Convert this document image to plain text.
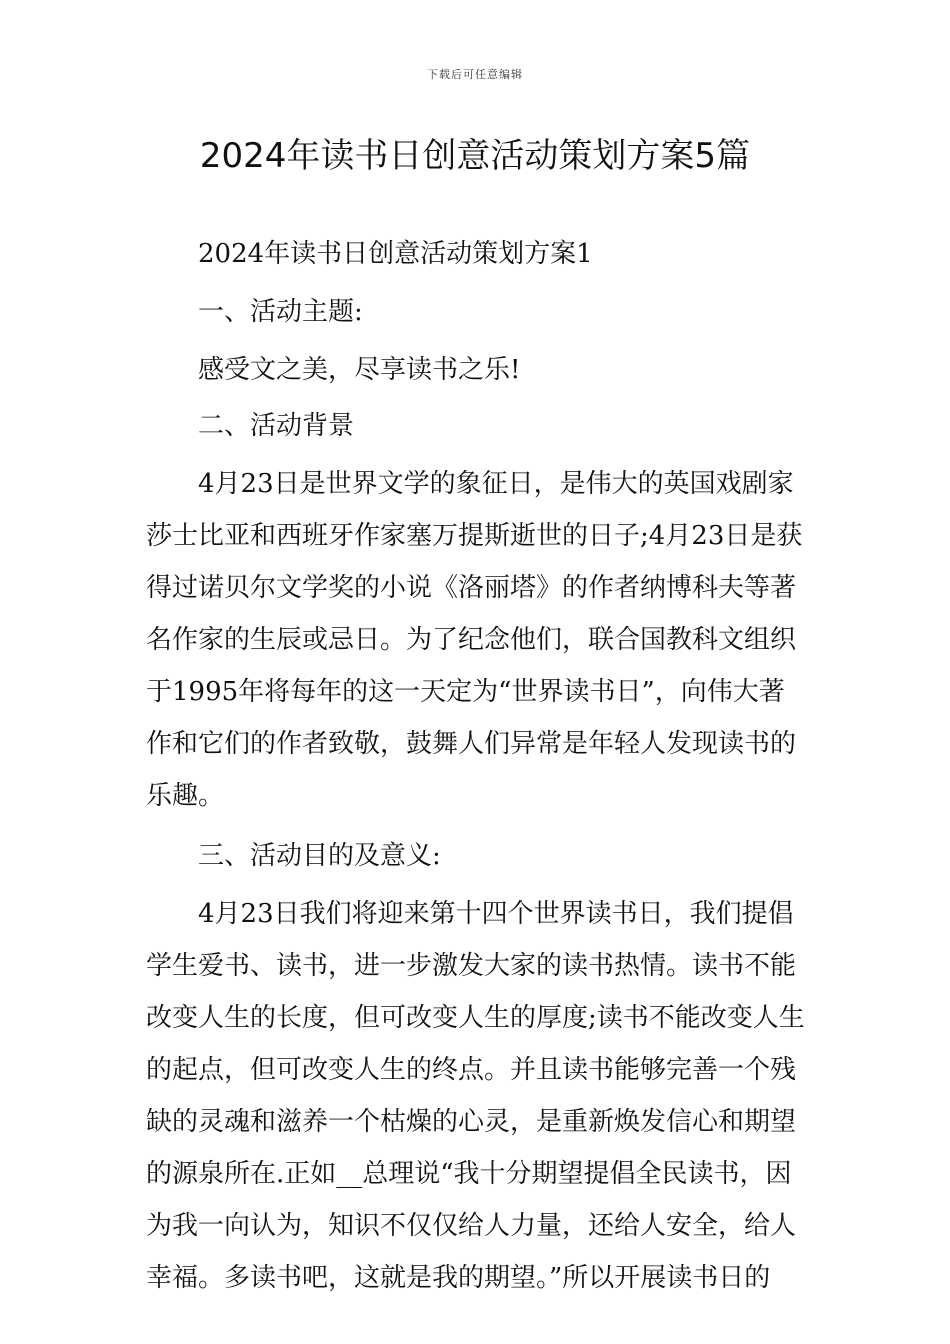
下载后可任意编辑
2024年读书日创意活动策划方案5篇
2024年读书日创意活动策划方案1
一、活动主题:
感受文之美，尽享读书之乐!
二、活动背景
4月23日是世界文学的象征日，是伟大的英国戏剧家
莎士比亚和西班牙作家塞万提斯逝世的日子;4月23日是获
得过诺贝尔文学奖的小说《洛丽塔》的作者纳博科夫等著
名作家的生辰或忌日。为了纪念他们，联合国教科文组织
于1995年将每年的这一天定为“世界读书日”，向伟大著
作和它们的作者致敬，鼓舞人们异常是年轻人发现读书的
乐趣。
三、活动目的及意义:
4月23日我们将迎来第十四个世界读书日，我们提倡
学生爱书、读书，进一步激发大家的读书热情。读书不能
改变人生的长度，但可改变人生的厚度;读书不能改变人生
的起点，但可改变人生的终点。并且读书能够完善一个残
缺的灵魂和滋养一个枯燥的心灵，是重新焕发信心和期望
的源泉所在.正如__总理说“我十分期望提倡全民读书，因
为我一向认为，知识不仅仅给人力量，还给人安全，给人
幸福。多读书吧，这就是我的期望。”所以开展读书日的
